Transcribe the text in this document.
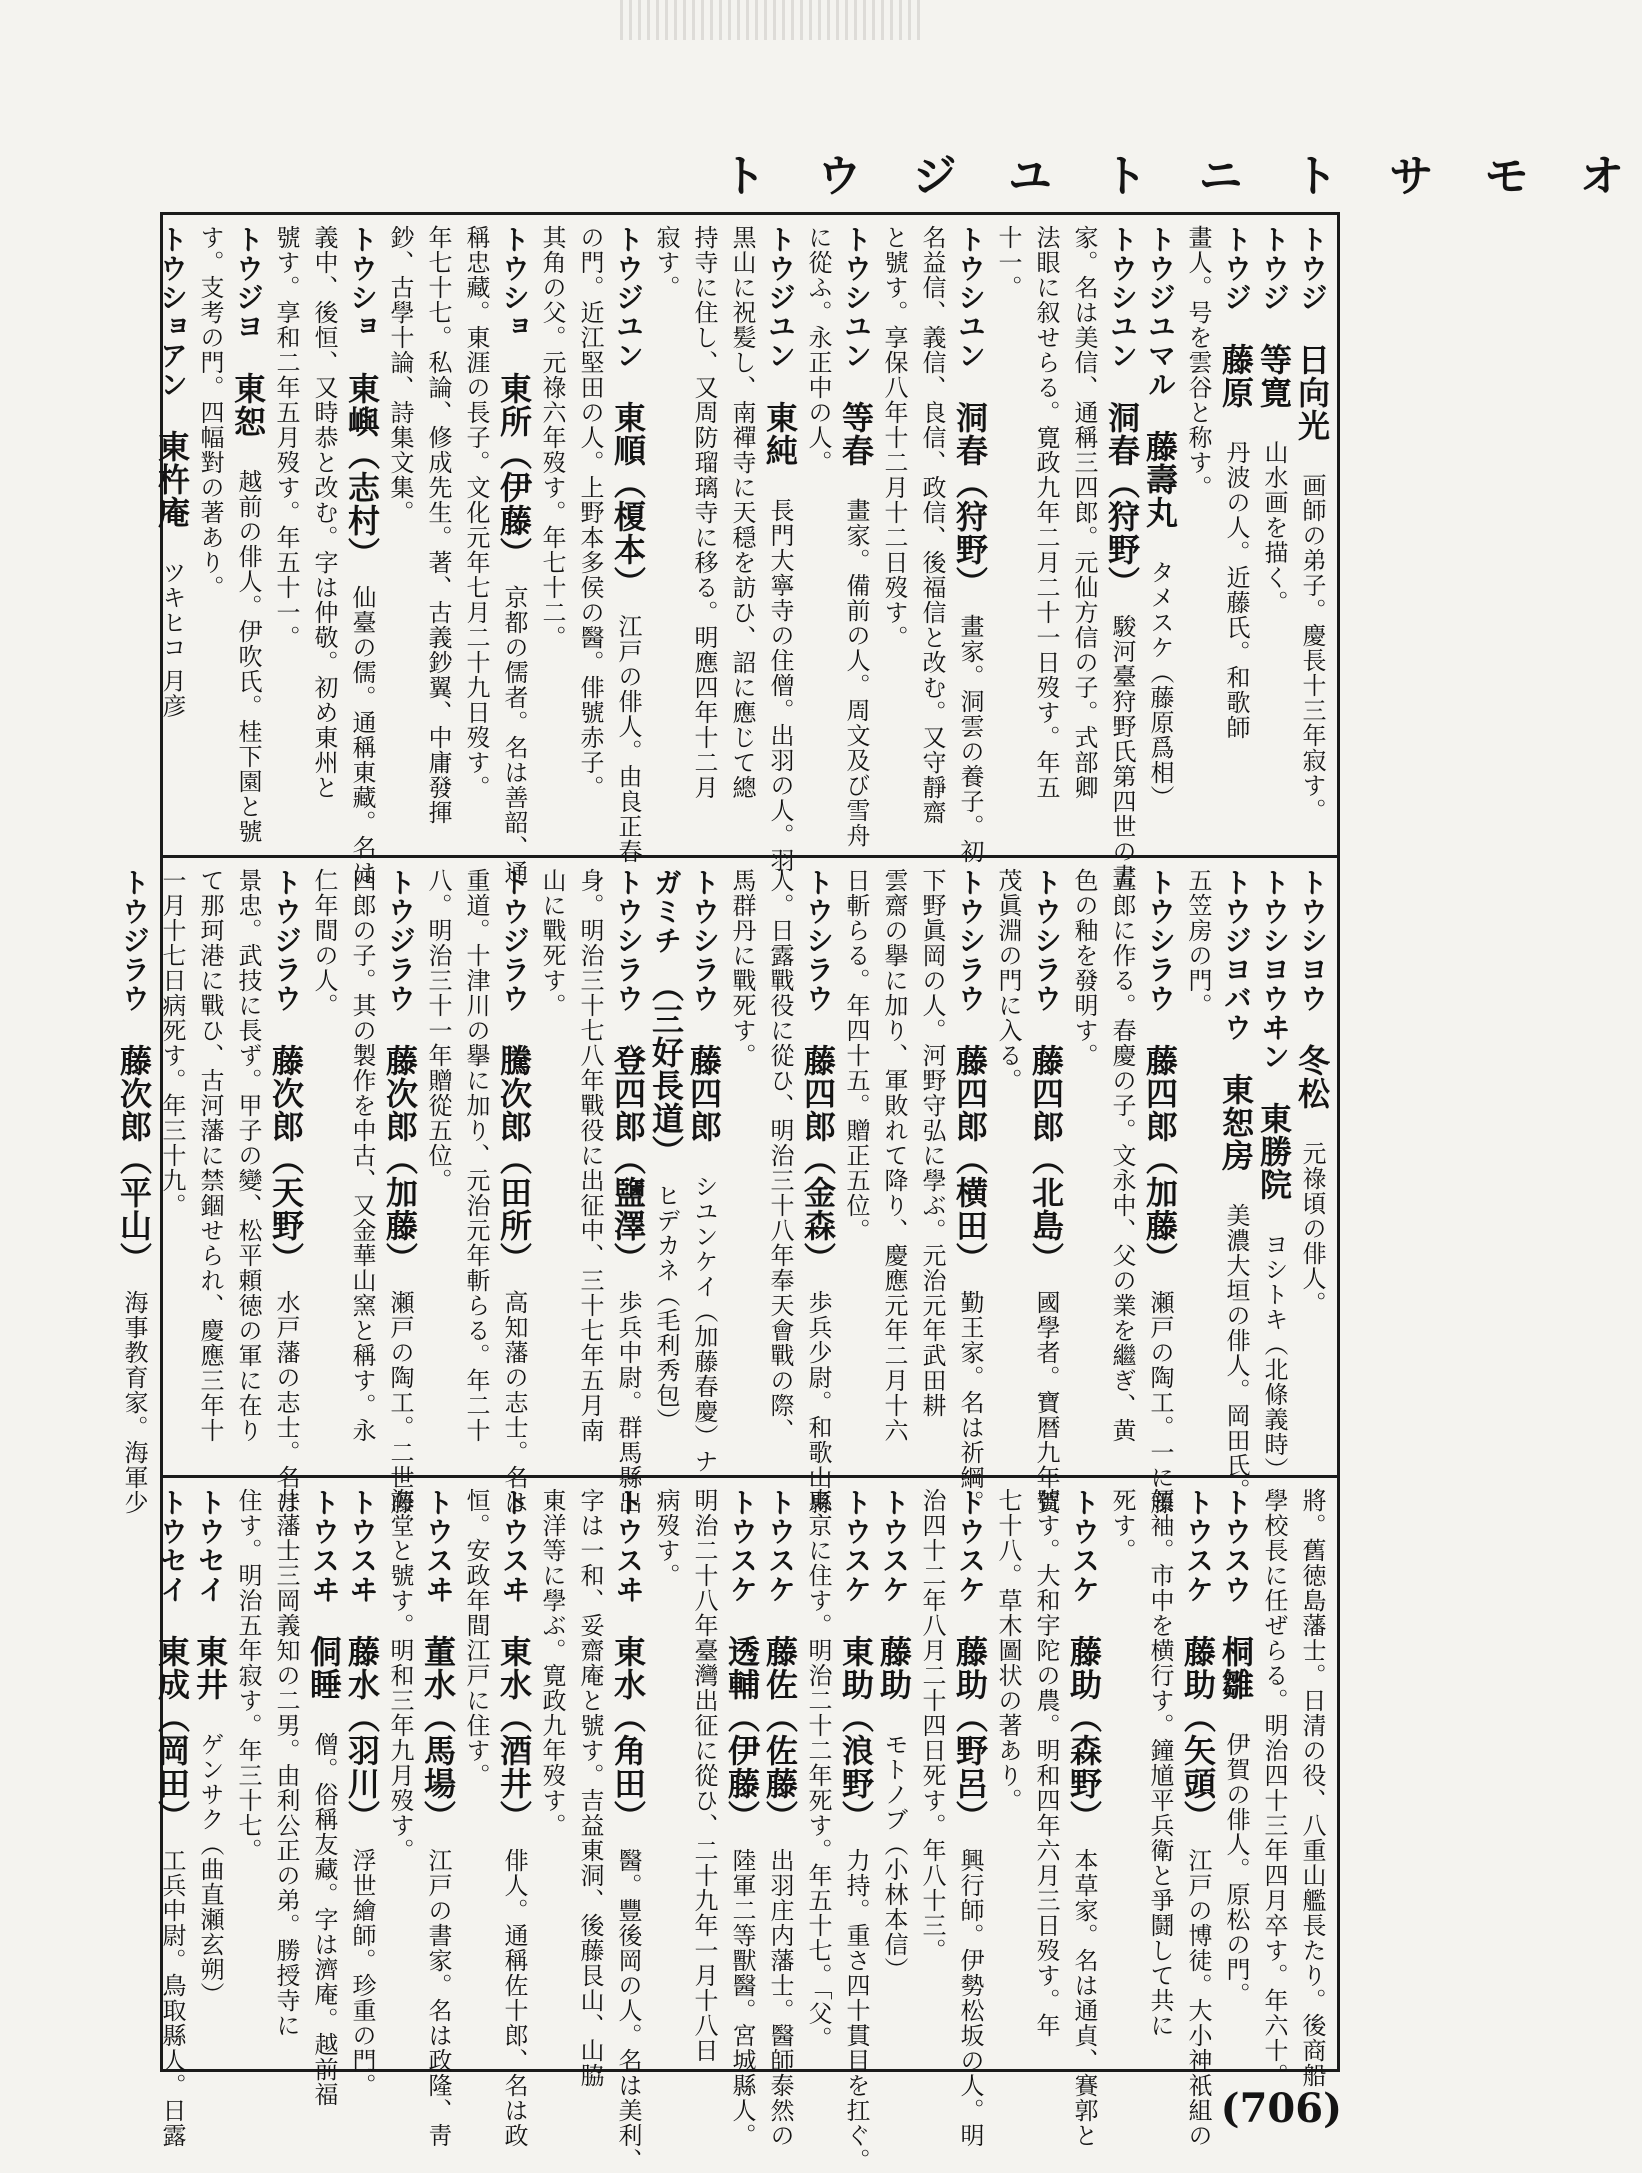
ト ウ ジ ユ ト ニ ト サ モ オ
トウジ　日向光　画師の弟子。慶長十三年寂す。
トウジ　等寛　山水画を描く。
トウジ　藤原　丹波の人。近藤氏。和歌師
畫人。号を雲谷と称す。
トウジユマル　藤壽丸　タメスケ（藤原爲相）
トウシユン　洞春（狩野）　駿河臺狩野氏第四世の畫
家。名は美信、通稱三四郎。元仙方信の子。式部卿
法眼に叙せらる。寛政九年二月二十一日歿す。年五
十一。
トウシユン　洞春（狩野）　畫家。洞雲の養子。初
名益信、義信、良信、政信、後福信と改む。又守靜齋
と號す。享保八年十二月十二日歿す。
トウシユン　等春　畫家。備前の人。周文及び雪舟
に從ふ。永正中の人。
トウジユン　東純　長門大寧寺の住僧。出羽の人。羽
黒山に祝髪し、南禪寺に天穏を訪ひ、詔に應じて總
持寺に住し、又周防瑠璃寺に移る。明應四年十二月
寂す。
トウジユン　東順（榎本）　江戸の俳人。由良正春
の門。近江堅田の人。上野本多侯の醫。俳號赤子。
其角の父。元祿六年歿す。年七十二。
トウショ　東所（伊藤）　京都の儒者。名は善韶、通
稱忠藏。東涯の長子。文化元年七月二十九日歿す。
年七十七。私論、修成先生。著、古義鈔翼、中庸發揮
鈔、古學十論、詩集文集。
トウショ　東嶼（志村）　仙臺の儒。通稱東藏。名は
義中、後恒、又時恭と改む。字は仲敬。初め東州と
號す。享和二年五月歿す。年五十一。
トウジヨ　東恕　越前の俳人。伊吹氏。桂下園と號
す。支考の門。四幅對の著あり。
トウショアン　東杵庵　ツキヒコ 月彦
トウシヨウ　冬松　元祿頃の俳人。
トウシヨウヰン　東勝院　ヨシトキ（北條義時）
トウジヨバウ　東恕房　美濃大垣の俳人。岡田氏。
五笠房の門。
トウシラウ　藤四郎（加藤）　瀬戸の陶工。一に藤
五郎に作る。春慶の子。文永中、父の業を繼ぎ、黄
色の釉を發明す。
トウシラウ　藤四郎（北島）　國學者。寶暦九年賀
茂眞淵の門に入る。
トウシラウ　藤四郎（横田）　勤王家。名は祈綱。
下野眞岡の人。河野守弘に學ぶ。元治元年武田耕
雲齋の擧に加り、軍敗れて降り、慶應元年二月十六
日斬らる。年四十五。贈正五位。
トウシラウ　藤四郎（金森）　歩兵少尉。和歌山縣
人。日露戰役に從ひ、明治三十八年奉天會戰の際、
馬群丹に戰死す。
トウシラウ　藤四郎　シユンケイ（加藤春慶）ナ
ガミチ　（三好長道）　ヒデカネ（毛利秀包）
トウシラウ　登四郎（鹽澤）　歩兵中尉。群馬縣出
身。明治三十七八年戰役に出征中、三十七年五月南
山に戰死す。
トウジラウ　騰次郎（田所）　高知藩の志士。名は
重道。十津川の擧に加り、元治元年斬らる。年二十
八。明治三十一年贈從五位。
トウジラウ　藤次郎（加藤）　瀬戸の陶工。二世藤
四郎の子。其の製作を中古、又金華山窯と稱す。永
仁年間の人。
トウジラウ　藤次郎（天野）　水戸藩の志士。名は
景忠。武技に長ず。甲子の變、松平頼徳の軍に在り
て那珂港に戰ひ、古河藩に禁錮せられ、慶應三年十
一月十七日病死す。年三十九。
トウジラウ　藤次郎（平山）　海事教育家。海軍少
將。舊徳島藩士。日清の役、八重山艦長たり。後商船
學校長に任ぜらる。明治四十三年四月卒す。年六十。
トウスウ　桐雛　伊賀の俳人。原松の門。
トウスケ　藤助（矢頭）　江戸の博徒。大小神祇組の
領袖。市中を横行す。鐘馗平兵衛と爭鬪して共に
死す。
トウスケ　藤助（森野）　本草家。名は通貞、賽郭と
號す。大和宇陀の農。明和四年六月三日歿す。年
七十八。草木圖状の著あり。
トウスケ　藤助（野呂）　興行師。伊勢松坂の人。明
治四十二年八月二十四日死す。年八十三。
トウスケ　藤助　モトノブ（小林本信）
トウスケ　東助（浪野）　力持。重さ四十貫目を扛ぐ。
東京に住す。明治二十二年死す。年五十七。「父。
トウスケ　藤佐（佐藤）　出羽庄内藩士。醫師泰然の
トウスケ　透輔（伊藤）　陸軍二等獸醫。宮城縣人。
明治二十八年臺灣出征に從ひ、二十九年一月十八日
病歿す。
トウスヰ　東水（角田）　醫。豐後岡の人。名は美利、
字は一和、妥齋庵と號す。吉益東洞、後藤艮山、山脇
東洋等に學ぶ。寛政九年歿す。
トウスヰ　東水（酒井）　俳人。通稱佐十郎、名は政
恒。安政年間江戸に住す。
トウスヰ　董水（馬場）　江戸の書家。名は政隆、靑
海堂と號す。明和三年九月歿す。
トウスヰ　藤水（羽川）　浮世繪師。珍重の門。
トウスヰ　侗睡　僧。俗稱友藏。字は濟庵。越前福
井藩士三岡義知の二男。由利公正の弟。勝授寺に
住す。明治五年寂す。年三十七。
トウセイ　東井　ゲンサク（曲直瀬玄朔）
トウセイ　東成（岡田）　工兵中尉。鳥取縣人。日露	(706)
